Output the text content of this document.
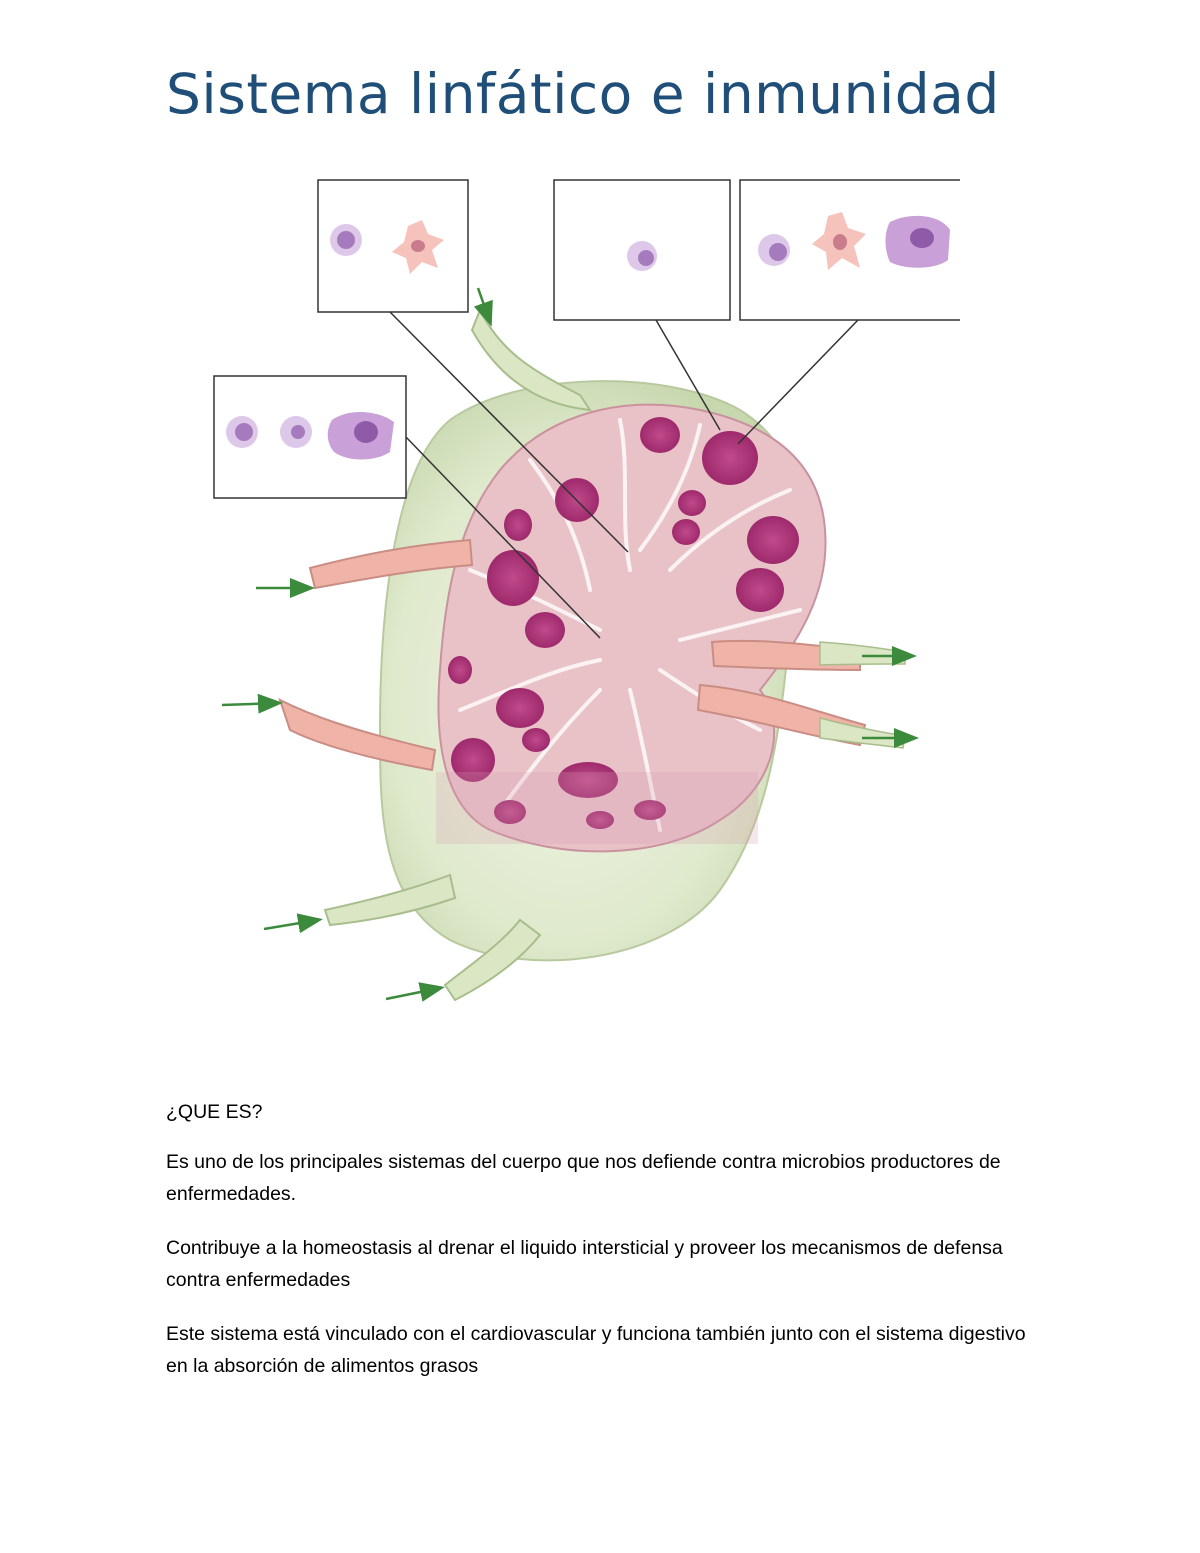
Sistema linfático e inmunidad

¿QUE ES?

Es uno de los principales sistemas del cuerpo que nos defiende contra microbios productores de enfermedades.

Contribuye a la homeostasis al drenar el liquido intersticial y proveer los mecanismos de defensa contra enfermedades

Este sistema está vinculado con el cardiovascular y funciona también junto con el sistema digestivo en la absorción de alimentos grasos
